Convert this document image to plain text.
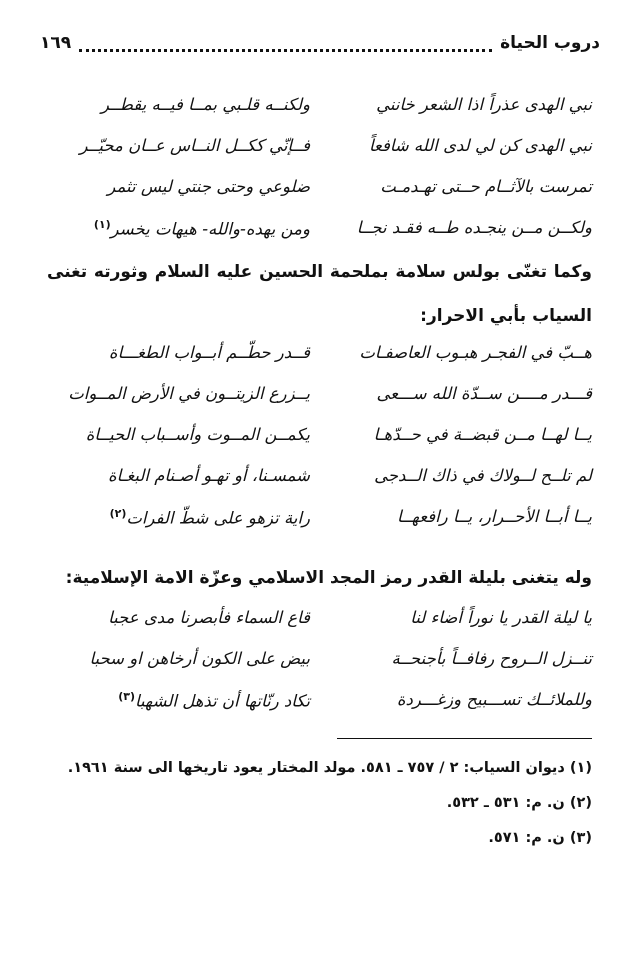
دروب الحياة
١٦٩
نبي الهدى عذراً اذا الشعر خانني
ولكنــه قلـبي بمــا فيــه يقطــر
نبي الهدى كن لي لدى الله شافعاً
فــإنّي ككــل النــاس عــان محيّــر
تمرست بالآثــام حــتى تهـدمـت
ضلوعي وحتى جنتي ليس تثمر
ولكــن مــن ينجـده طــه فقـد نجــا
ومن يهده-والله- هيهات يخسر$^{(١)}$
وكما تغنّى بولس سلامة بملحمة الحسين عليه السلام وثورته تغنى السياب بأبي الاحرار:
هــبّ في الفجـر هبـوب العاصفـات
قــدر حطّــم أبــواب الطغـــاة
قـــدر مــــن ســدّة الله ســـعى
يــزرع الزيتــون في الأرض المــوات
يــا لهــا مــن قبضــة في حــدّهـا
يكمــن المــوت وأســباب الحيــاة
لم تلــح لــولاك في ذاك الــدجى
شمسـنا، أو تهـو أصـنام البغـاة
يــا أبــا الأحــرار، يــا رافعهــا
راية تزهو على شطّ الفرات$^{(٢)}$
وله يتغنى بليلة القدر رمز المجد الاسلامي وعزّة الامة الإسلامية:
يا ليلة القدر يا نوراً أضاء لنا
قاع السماء فأبصرنا مدى عجبا
تنــزل الــروح رفافــاً بأجنحــة
بيض على الكون أرخاهن او سحبا
وللملائــك تســـبيح وزغـــردة
تكاد رنّاتها أن تذهل الشهبا$^{(٣)}$
(١) ديوان السياب: ٢ / ٧٥٧ ـ ٥٨١. مولد المختار يعود تاريخها الى سنة ١٩٦١.
(٢) ن. م: ٥٣١ ـ ٥٣٢.
(٣) ن. م: ٥٧١.
